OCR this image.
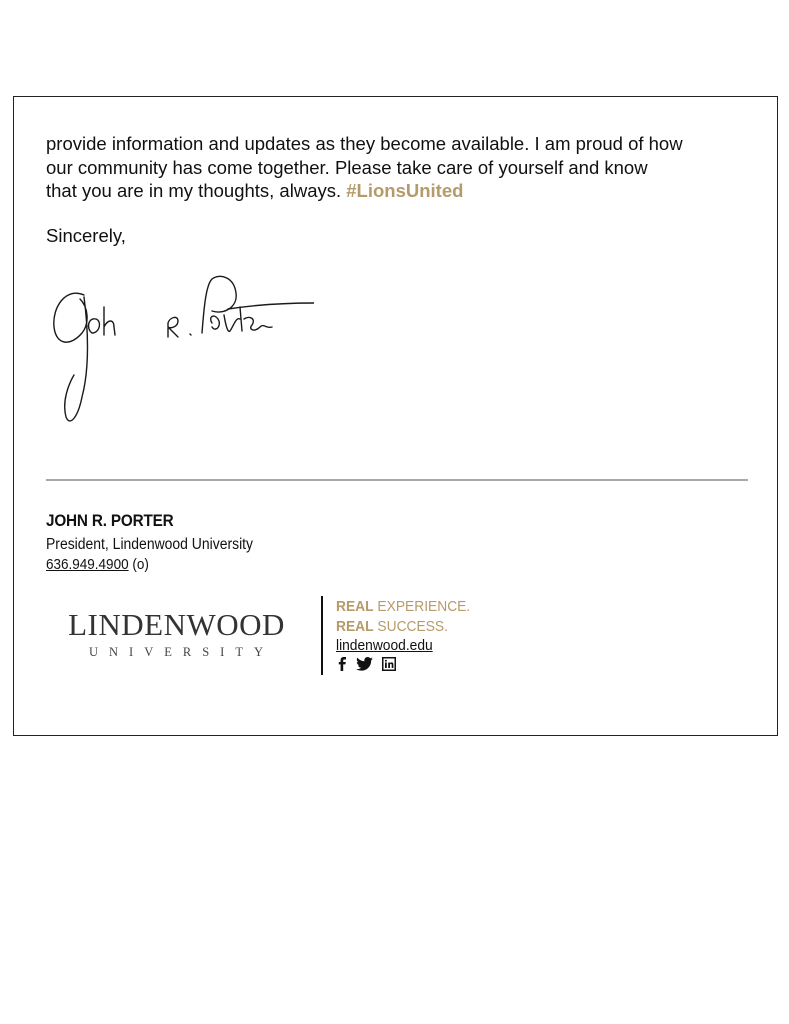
provide information and updates as they become available. I am proud of how
our community has come together. Please take care of yourself and know
that you are in my thoughts, always. #LionsUnited

Sincerely,

JOHN R. PORTER
President, Lindenwood University
636.949.4900 (o)
LINDENWOOD
UNIVERSITY
REAL EXPERIENCE.
REAL SUCCESS.
lindenwood.edu
